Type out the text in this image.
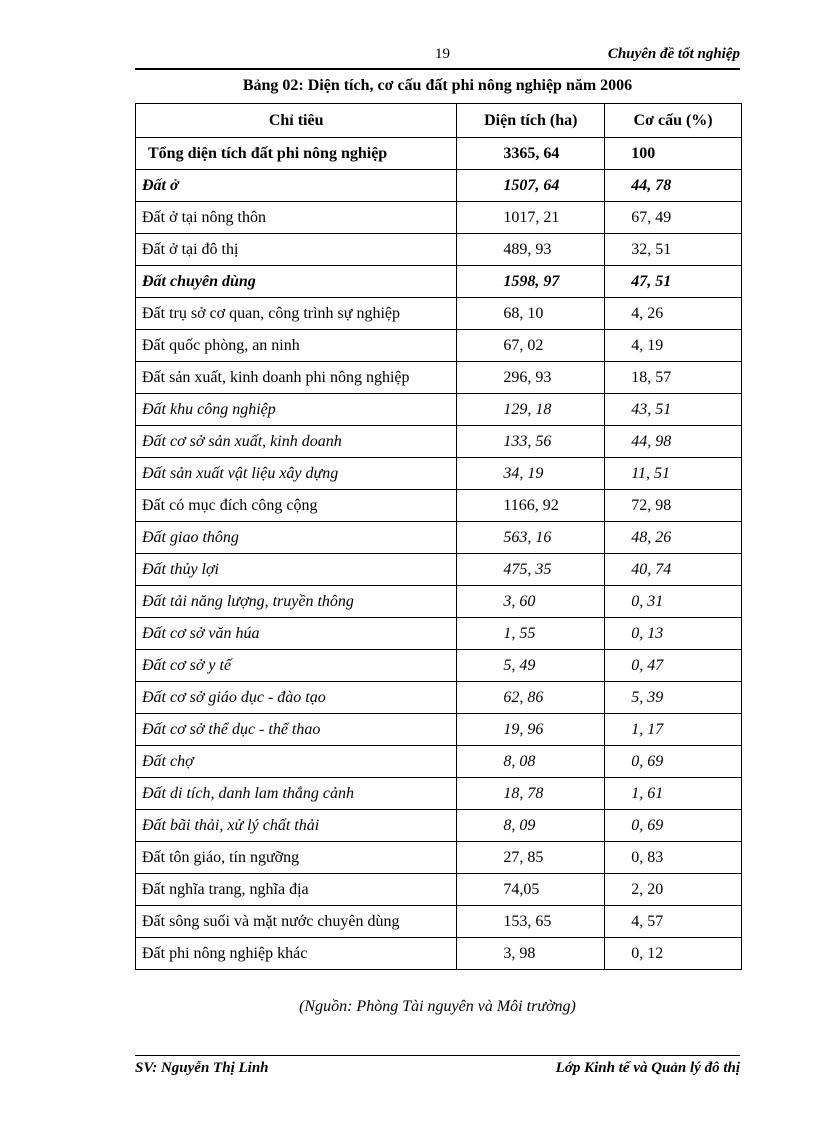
19	Chuyên đề tốt nghiệp
Bảng 02: Diện tích, cơ cấu đất phi nông nghiệp năm 2006
Chỉ tiêu	Diện tích (ha)	Cơ cấu (%)
Tổng diện tích đất phi nông nghiệp	3365, 64	100
Đất ở	1507, 64	44, 78
Đất ở tại nông thôn	1017, 21	67, 49
Đất ở tại đô thị	489, 93	32, 51
Đất chuyên dùng	1598, 97	47, 51
Đất trụ sở cơ quan, công trình sự nghiệp	68, 10	4, 26
Đất quốc phòng, an ninh	67, 02	4, 19
Đất sản xuất, kinh doanh phi nông nghiệp	296, 93	18, 57
Đất khu công nghiệp	129, 18	43, 51
Đất cơ sở sản xuất, kinh doanh	133, 56	44, 98
Đất sản xuất vật liệu xây dựng	34, 19	11, 51
Đất có mục đích công cộng	1166, 92	72, 98
Đất giao thông	563, 16	48, 26
Đất thủy lợi	475, 35	40, 74
Đất tải năng lượng, truyền thông	3, 60	0, 31
Đất cơ sở văn húa	1, 55	0, 13
Đất cơ sở y tế	5, 49	0, 47
Đất cơ sở giáo dục - đào tạo	62, 86	5, 39
Đất cơ sở thể dục - thể thao	19, 96	1, 17
Đất chợ	8, 08	0, 69
Đất di tích, danh lam thắng cảnh	18, 78	1, 61
Đất bãi thải, xử lý chất thải	8, 09	0, 69
Đất tôn giáo, tín ngưỡng	27, 85	0, 83
Đất nghĩa trang, nghĩa địa	74,05	2, 20
Đất sông suối và mặt nước chuyên dùng	153, 65	4, 57
Đất phi nông nghiệp khác	3, 98	0, 12
(Nguồn: Phòng Tài nguyên và Môi trường)
SV: Nguyễn Thị Linh	Lớp Kinh tế và Quản lý đô thị
